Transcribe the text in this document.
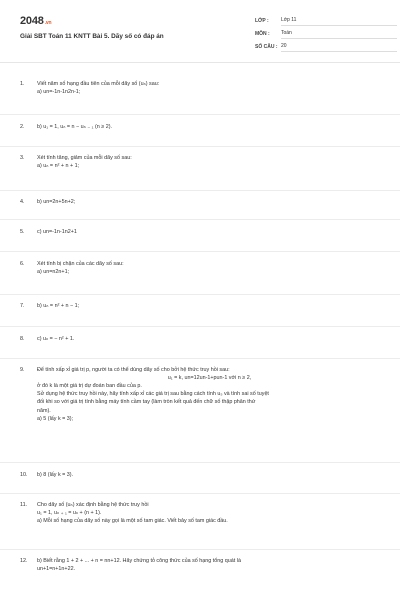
2048.vn
Giải SBT Toán 11 KNTT Bài 5. Dãy số có đáp án
LỚP :	Lớp 11
MÔN :	Toán
SỐ CÂU : 20
1.	Viết năm số hạng đầu tiên của mỗi dãy số (uₙ) sau:
a) un=-1n-1n2n-1;
2.	b) u₁ = 1, uₙ = n − uₙ ₋ ₁ (n ≥ 2).
3.	Xét tính tăng, giảm của mỗi dãy số sau:
a) uₙ = n² + n + 1;
4.	b) un=2n+5n+2;
5.	c) un=-1n-1n2+1
6.	Xét tính bị chặn của các dãy số sau:
a) un=n2n+1;
7.	b) uₙ = n² + n − 1;
8.	c) uₙ = − n² + 1.
9.	Để tính xấp xỉ giá trị p, người ta có thể dùng dãy số cho bởi hệ thức truy hồi sau:
u₁ = k, un=12un-1+pun-1 với n ≥ 2,
ở đó k là một giá trị dự đoán ban đầu của p.
Sử dụng hệ thức truy hồi này, hãy tính xấp xỉ các giá trị sau bằng cách tính u₅ và tính sai số tuyệt
đối khi so với giá trị tính bằng máy tính cầm tay (làm tròn kết quả đến chữ số thập phân thứ
năm).
a) 5 (lấy k = 3);
10.	b) 8 (lấy k = 3).
11.	Cho dãy số (uₙ) xác định bằng hệ thức truy hồi
u₁ = 1, uₙ ₊ ₁ = uₙ + (n + 1).
a) Mỗi số hạng của dãy số này gọi là một số tam giác. Viết bảy số tam giác đầu.
12.	b) Biết rằng 1 + 2 + ... + n = nn+12. Hãy chứng tỏ công thức của số hạng tổng quát là
un+1=n+1n+22.
